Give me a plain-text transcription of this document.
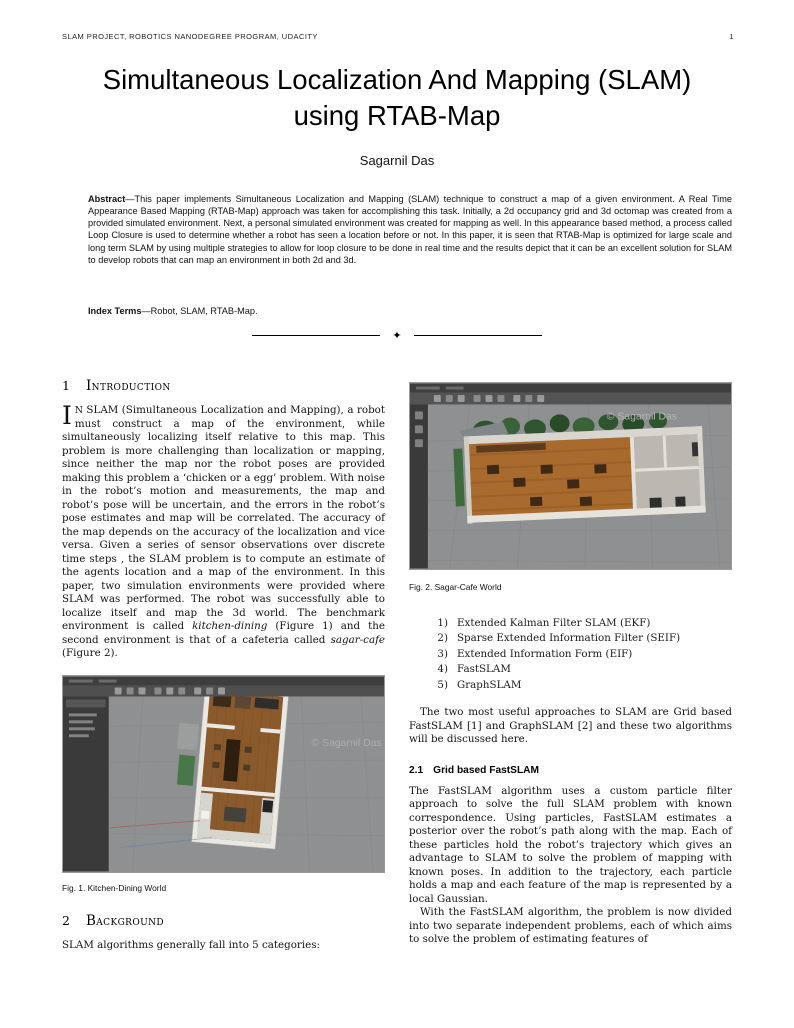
SLAM PROJECT, ROBOTICS NANODEGREE PROGRAM, UDACITY	1
Simultaneous Localization And Mapping (SLAM) using RTAB-Map
Sagarnil Das

Abstract—This paper implements Simultaneous Localization and Mapping (SLAM) technique to construct a map of a given environment. A Real Time Appearance Based Mapping (RTAB-Map) approach was taken for accomplishing this task. Initially, a 2d occupancy grid and 3d octomap was created from a provided simulated environment. Next, a personal simulated environment was created for mapping as well. In this appearance based method, a process called Loop Closure is used to determine whether a robot has seen a location before or not. In this paper, it is seen that RTAB-Map is optimized for large scale and long term SLAM by using multiple strategies to allow for loop closure to be done in real time and the results depict that it can be an excellent solution for SLAM to develop robots that can map an environment in both 2d and 3d.

Index Terms—Robot, SLAM, RTAB-Map.

✦
1 Introduction

I N SLAM (Simultaneous Localization and Mapping), a robot must construct a map of the environment, while simultaneously localizing itself relative to this map. This problem is more challenging than localization or mapping, since neither the map nor the robot poses are provided making this problem a ‘chicken or a egg’ problem. With noise in the robot’s motion and measurements, the map and robot’s pose will be uncertain, and the errors in the robot’s pose estimates and map will be correlated. The accuracy of the map depends on the accuracy of the localization and vice versa. Given a series of sensor observations over discrete time steps , the SLAM problem is to compute an estimate of the agents location and a map of the environment. In this paper, two simulation environments were provided where SLAM was performed. The robot was successfully able to localize itself and map the 3d world. The benchmark environment is called kitchen-dining (Figure 1) and the second environment is that of a cafeteria called sagar-cafe (Figure 2).

© Sagarnil Das
Fig. 1. Kitchen-Dining World
2 Background

SLAM algorithms generally fall into 5 categories:

© Sagarnil Das
Fig. 2. Sagar-Cafe World
1) Extended Kalman Filter SLAM (EKF)
2) Sparse Extended Information Filter (SEIF)
3) Extended Information Form (EIF)
4) FastSLAM
5) GraphSLAM

The two most useful approaches to SLAM are Grid based FastSLAM [1] and GraphSLAM [2] and these two algorithms will be discussed here.

2.1 Grid based FastSLAM

The FastSLAM algorithm uses a custom particle filter approach to solve the full SLAM problem with known correspondence. Using particles, FastSLAM estimates a posterior over the robot’s path along with the map. Each of these particles hold the robot’s trajectory which gives an advantage to SLAM to solve the problem of mapping with known poses. In addition to the trajectory, each particle holds a map and each feature of the map is represented by a local Gaussian.

With the FastSLAM algorithm, the problem is now divided into two separate independent problems, each of which aims to solve the problem of estimating features of
